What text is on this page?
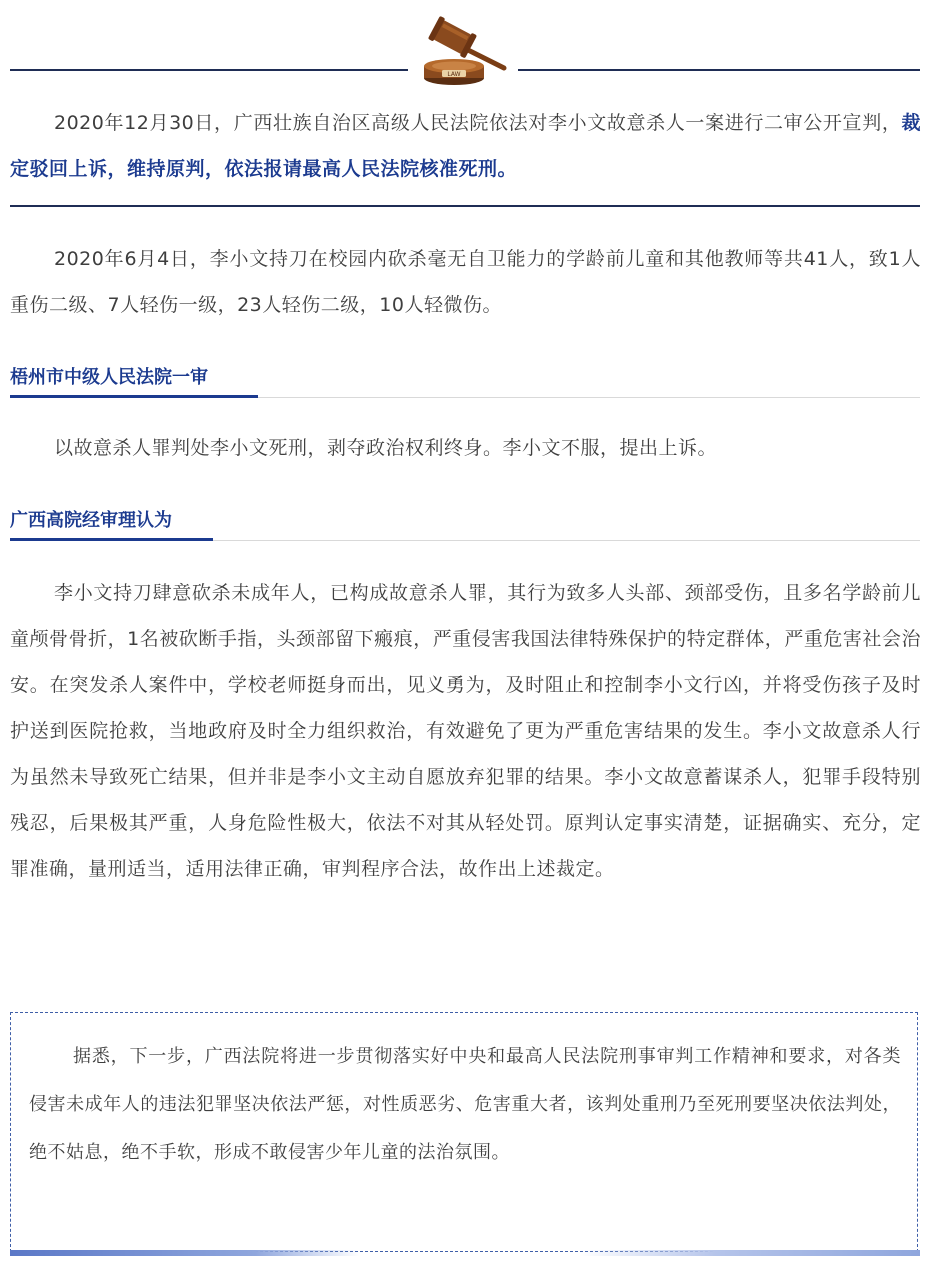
LAW

2020年12月30日，广西壮族自治区高级人民法院依法对李小文故意杀人一案进行二审公开宣判，裁定驳回上诉，维持原判，依法报请最高人民法院核准死刑。

2020年6月4日，李小文持刀在校园内砍杀毫无自卫能力的学龄前儿童和其他教师等共41人，致1人重伤二级、7人轻伤一级，23人轻伤二级，10人轻微伤。

梧州市中级人民法院一审

以故意杀人罪判处李小文死刑，剥夺政治权利终身。李小文不服，提出上诉。

广西高院经审理认为

李小文持刀肆意砍杀未成年人，已构成故意杀人罪，其行为致多人头部、颈部受伤，且多名学龄前儿童颅骨骨折，1名被砍断手指，头颈部留下瘢痕，严重侵害我国法律特殊保护的特定群体，严重危害社会治安。在突发杀人案件中，学校老师挺身而出，见义勇为，及时阻止和控制李小文行凶，并将受伤孩子及时护送到医院抢救，当地政府及时全力组织救治，有效避免了更为严重危害结果的发生。李小文故意杀人行为虽然未导致死亡结果，但并非是李小文主动自愿放弃犯罪的结果。李小文故意蓄谋杀人，犯罪手段特别残忍，后果极其严重，人身危险性极大，依法不对其从轻处罚。原判认定事实清楚，证据确实、充分，定罪准确，量刑适当，适用法律正确，审判程序合法，故作出上述裁定。

据悉，下一步，广西法院将进一步贯彻落实好中央和最高人民法院刑事审判工作精神和要求，对各类侵害未成年人的违法犯罪坚决依法严惩，对性质恶劣、危害重大者，该判处重刑乃至死刑要坚决依法判处，绝不姑息，绝不手软，形成不敢侵害少年儿童的法治氛围。
